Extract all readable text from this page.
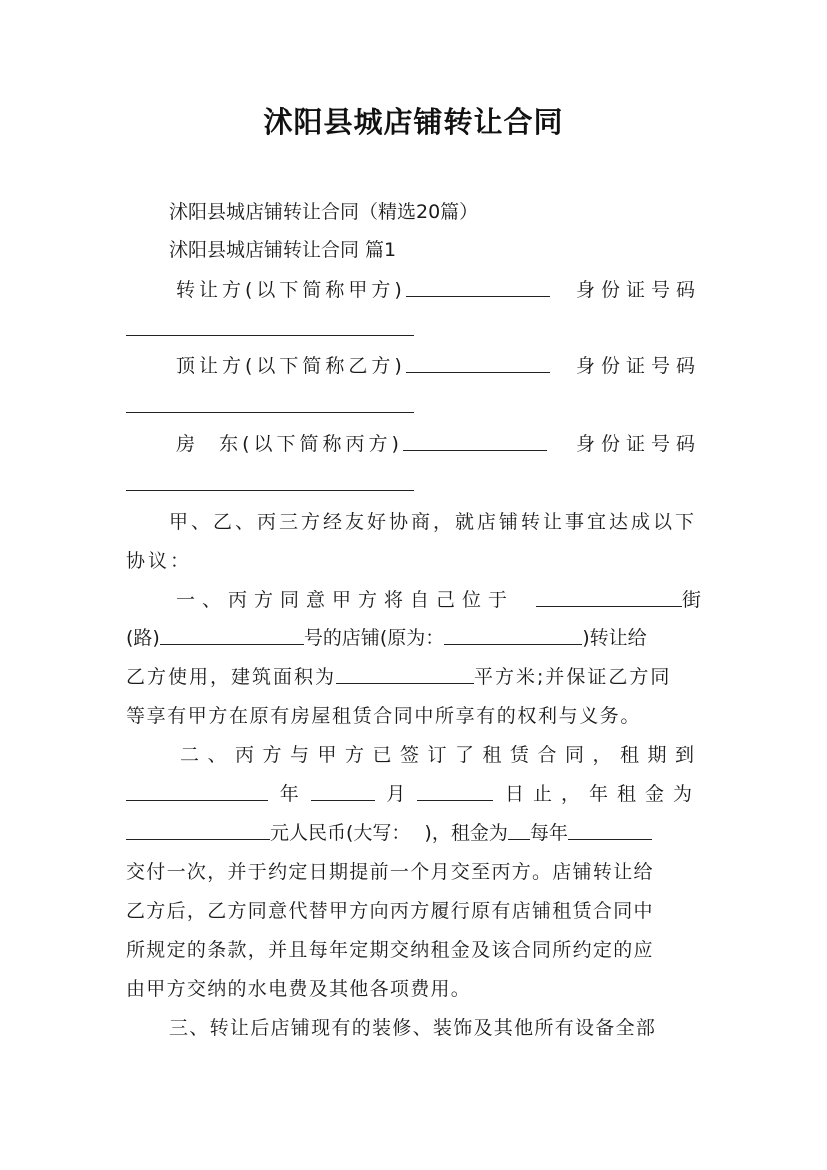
沭阳县城店铺转让合同
沭阳县城店铺转让合同（精选20篇）
沭阳县城店铺转让合同 篇1
转让方(以下简称甲方)	身份证号码
顶让方(以下简称乙方)	身份证号码
房  东(以下简称丙方)	身份证号码
甲、乙、丙三方经友好协商，就店铺转让事宜达成以下
协议：
一、丙方同意甲方将自己位于	街
(路)	号的店铺(原为：	)转让给
乙方使用，建筑面积为	平方米;并保证乙方同
等享有甲方在原有房屋租赁合同中所享有的权利与义务。
二、丙方与甲方已签订了租赁合同，租期到
年	月	日止，年租金为
元人民币(大写： )，租金为 每年
交付一次，并于约定日期提前一个月交至丙方。店铺转让给
乙方后，乙方同意代替甲方向丙方履行原有店铺租赁合同中
所规定的条款，并且每年定期交纳租金及该合同所约定的应
由甲方交纳的水电费及其他各项费用。
三、转让后店铺现有的装修、装饰及其他所有设备全部
